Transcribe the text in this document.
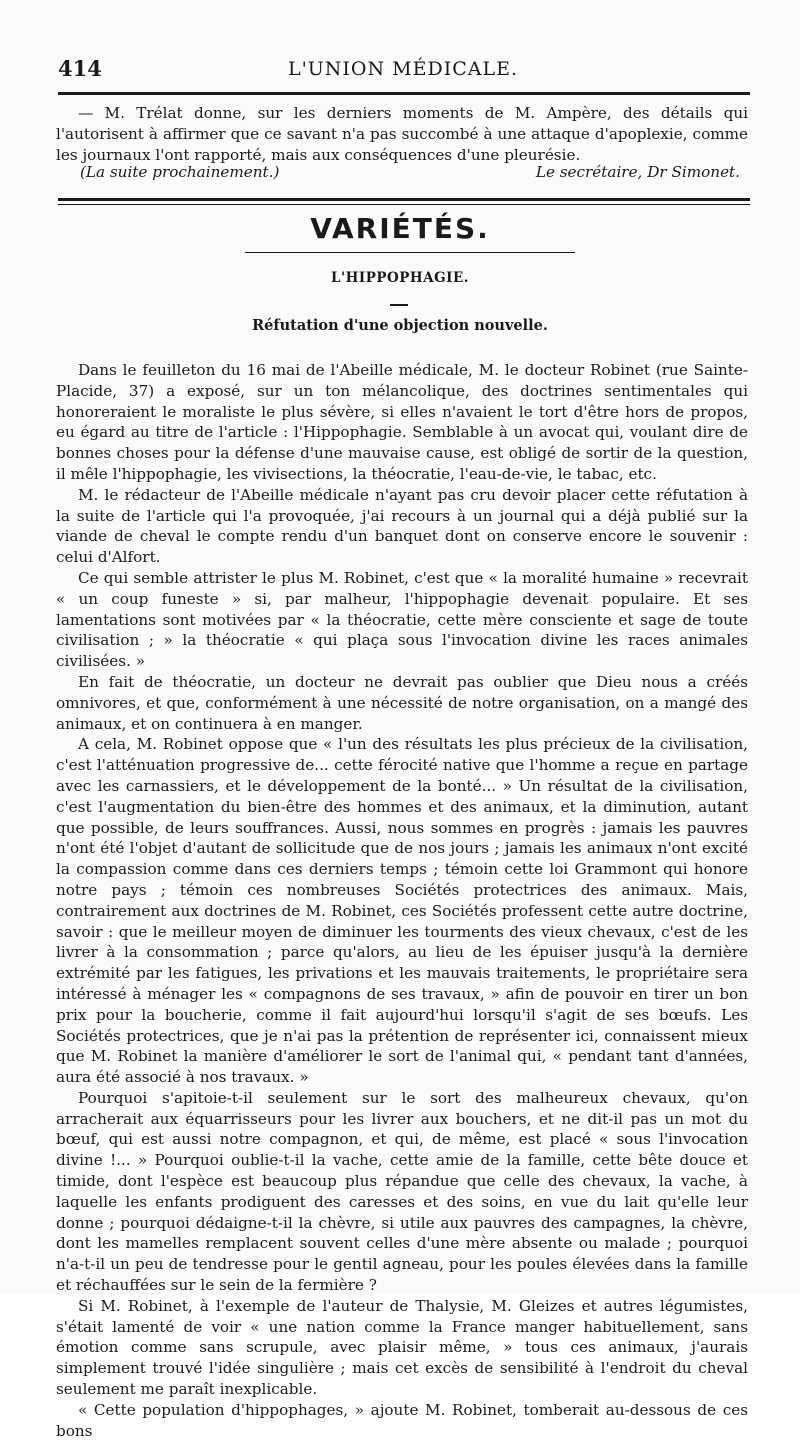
414	L'UNION MÉDICALE.

— M. Trélat donne, sur les derniers moments de M. Ampère, des détails qui l'autorisent à affirmer que ce savant n'a pas succombé à une attaque d'apoplexie, comme les journaux l'ont rapporté, mais aux conséquences d'une pleurésie.

(La suite prochainement.)	Le secrétaire, Dr Simonet.
VARIÉTÉS.
L'HIPPOPHAGIE.
Réfutation d'une objection nouvelle.

Dans le feuilleton du 16 mai de l'Abeille médicale, M. le docteur Robinet (rue Sainte-Placide, 37) a exposé, sur un ton mélancolique, des doctrines sentimentales qui honoreraient le moraliste le plus sévère, si elles n'avaient le tort d'être hors de propos, eu égard au titre de l'article : l'Hippophagie. Semblable à un avocat qui, voulant dire de bonnes choses pour la défense d'une mauvaise cause, est obligé de sortir de la question, il mêle l'hippophagie, les vivisections, la théocratie, l'eau-de-vie, le tabac, etc.

M. le rédacteur de l'Abeille médicale n'ayant pas cru devoir placer cette réfutation à la suite de l'article qui l'a provoquée, j'ai recours à un journal qui a déjà publié sur la viande de cheval le compte rendu d'un banquet dont on conserve encore le souvenir : celui d'Alfort.

Ce qui semble attrister le plus M. Robinet, c'est que « la moralité humaine » recevrait « un coup funeste » si, par malheur, l'hippophagie devenait populaire. Et ses lamentations sont motivées par « la théocratie, cette mère consciente et sage de toute civilisation ; » la théocratie « qui plaça sous l'invocation divine les races animales civilisées. »

En fait de théocratie, un docteur ne devrait pas oublier que Dieu nous a créés omnivores, et que, conformément à une nécessité de notre organisation, on a mangé des animaux, et on continuera à en manger.

A cela, M. Robinet oppose que « l'un des résultats les plus précieux de la civilisation, c'est l'atténuation progressive de... cette férocité native que l'homme a reçue en partage avec les carnassiers, et le développement de la bonté... » Un résultat de la civilisation, c'est l'augmentation du bien-être des hommes et des animaux, et la diminution, autant que possible, de leurs souffrances. Aussi, nous sommes en progrès : jamais les pauvres n'ont été l'objet d'autant de sollicitude que de nos jours ; jamais les animaux n'ont excité la compassion comme dans ces derniers temps ; témoin cette loi Grammont qui honore notre pays ; témoin ces nombreuses Sociétés protectrices des animaux. Mais, contrairement aux doctrines de M. Robinet, ces Sociétés professent cette autre doctrine, savoir : que le meilleur moyen de diminuer les tourments des vieux chevaux, c'est de les livrer à la consommation ; parce qu'alors, au lieu de les épuiser jusqu'à la dernière extrémité par les fatigues, les privations et les mauvais traitements, le propriétaire sera intéressé à ménager les « compagnons de ses travaux, » afin de pouvoir en tirer un bon prix pour la boucherie, comme il fait aujourd'hui lorsqu'il s'agit de ses bœufs. Les Sociétés protectrices, que je n'ai pas la prétention de représenter ici, connaissent mieux que M. Robinet la manière d'améliorer le sort de l'animal qui, « pendant tant d'années, aura été associé à nos travaux. »

Pourquoi s'apitoie-t-il seulement sur le sort des malheureux chevaux, qu'on arracherait aux équarrisseurs pour les livrer aux bouchers, et ne dit-il pas un mot du bœuf, qui est aussi notre compagnon, et qui, de même, est placé « sous l'invocation divine !... » Pourquoi oublie-t-il la vache, cette amie de la famille, cette bête douce et timide, dont l'espèce est beaucoup plus répandue que celle des chevaux, la vache, à laquelle les enfants prodiguent des caresses et des soins, en vue du lait qu'elle leur donne ; pourquoi dédaigne-t-il la chèvre, si utile aux pauvres des campagnes, la chèvre, dont les mamelles remplacent souvent celles d'une mère absente ou malade ; pourquoi n'a-t-il un peu de tendresse pour le gentil agneau, pour les poules élevées dans la famille et réchauffées sur le sein de la fermière ?

Si M. Robinet, à l'exemple de l'auteur de Thalysie, M. Gleizes et autres légumistes, s'était lamenté de voir « une nation comme la France manger habituellement, sans émotion comme sans scrupule, avec plaisir même, » tous ces animaux, j'aurais simplement trouvé l'idée singulière ; mais cet excès de sensibilité à l'endroit du cheval seulement me paraît inexplicable.

« Cette population d'hippophages, » ajoute M. Robinet, tomberait au-dessous de ces bons
